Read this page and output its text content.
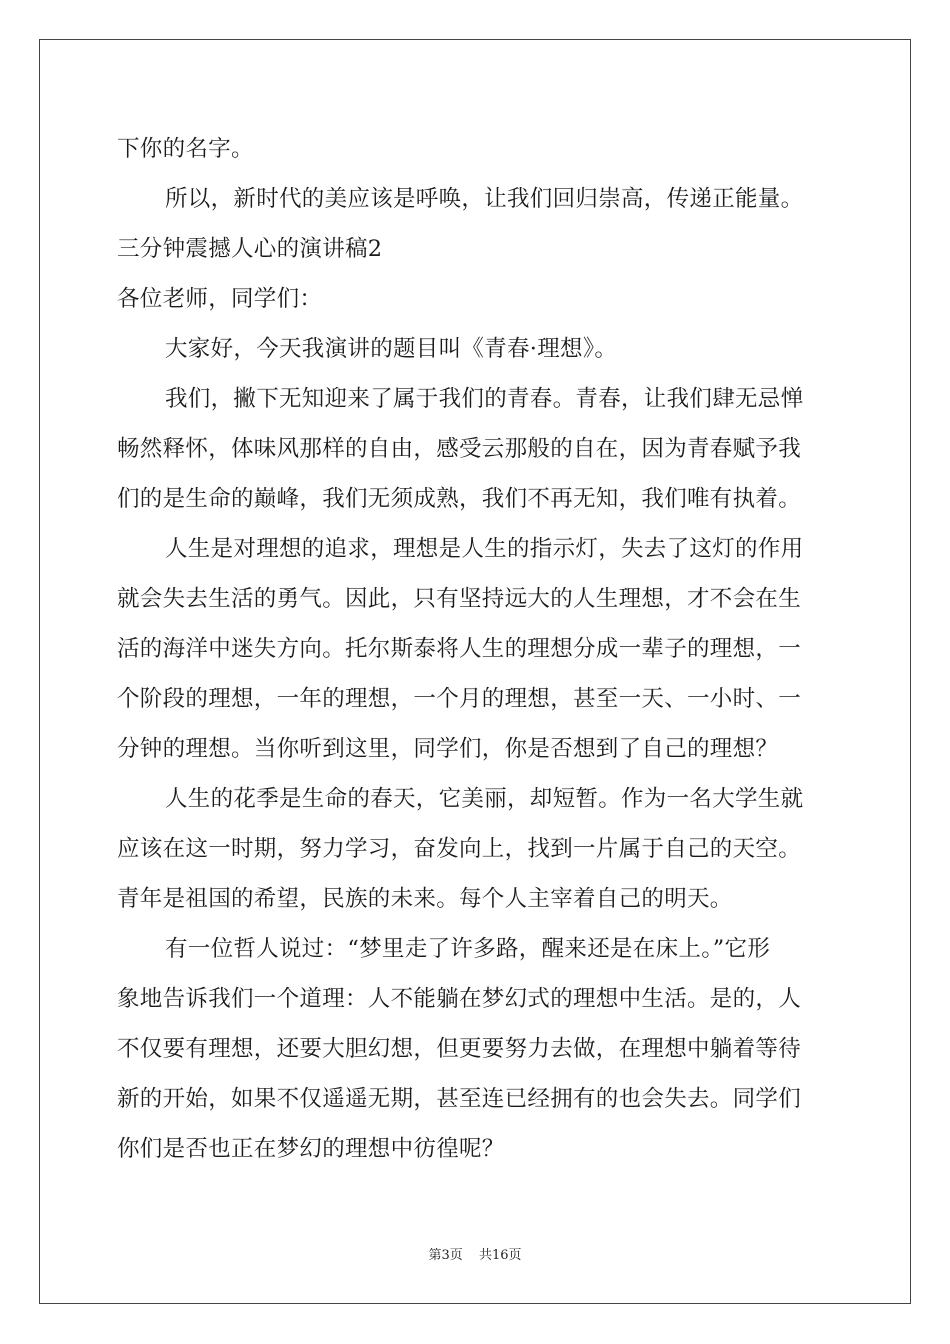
下你的名字。
所以，新时代的美应该是呼唤，让我们回归崇高，传递正能量。
三分钟震撼人心的演讲稿2
各位老师，同学们：
大家好，今天我演讲的题目叫《青春·理想》。
我们，撇下无知迎来了属于我们的青春。青春，让我们肆无忌惮
畅然释怀，体味风那样的自由，感受云那般的自在，因为青春赋予我
们的是生命的巅峰，我们无须成熟，我们不再无知，我们唯有执着。
人生是对理想的追求，理想是人生的指示灯，失去了这灯的作用
就会失去生活的勇气。因此，只有坚持远大的人生理想，才不会在生
活的海洋中迷失方向。托尔斯泰将人生的理想分成一辈子的理想，一
个阶段的理想，一年的理想，一个月的理想，甚至一天、一小时、一
分钟的理想。当你听到这里，同学们，你是否想到了自己的理想？
人生的花季是生命的春天，它美丽，却短暂。作为一名大学生就
应该在这一时期，努力学习，奋发向上，找到一片属于自己的天空。
青年是祖国的希望，民族的未来。每个人主宰着自己的明天。
有一位哲人说过：“梦里走了许多路，醒来还是在床上。”它形
象地告诉我们一个道理：人不能躺在梦幻式的理想中生活。是的，人
不仅要有理想，还要大胆幻想，但更要努力去做，在理想中躺着等待
新的开始，如果不仅遥遥无期，甚至连已经拥有的也会失去。同学们
你们是否也正在梦幻的理想中彷徨呢？
第3页 共16页
